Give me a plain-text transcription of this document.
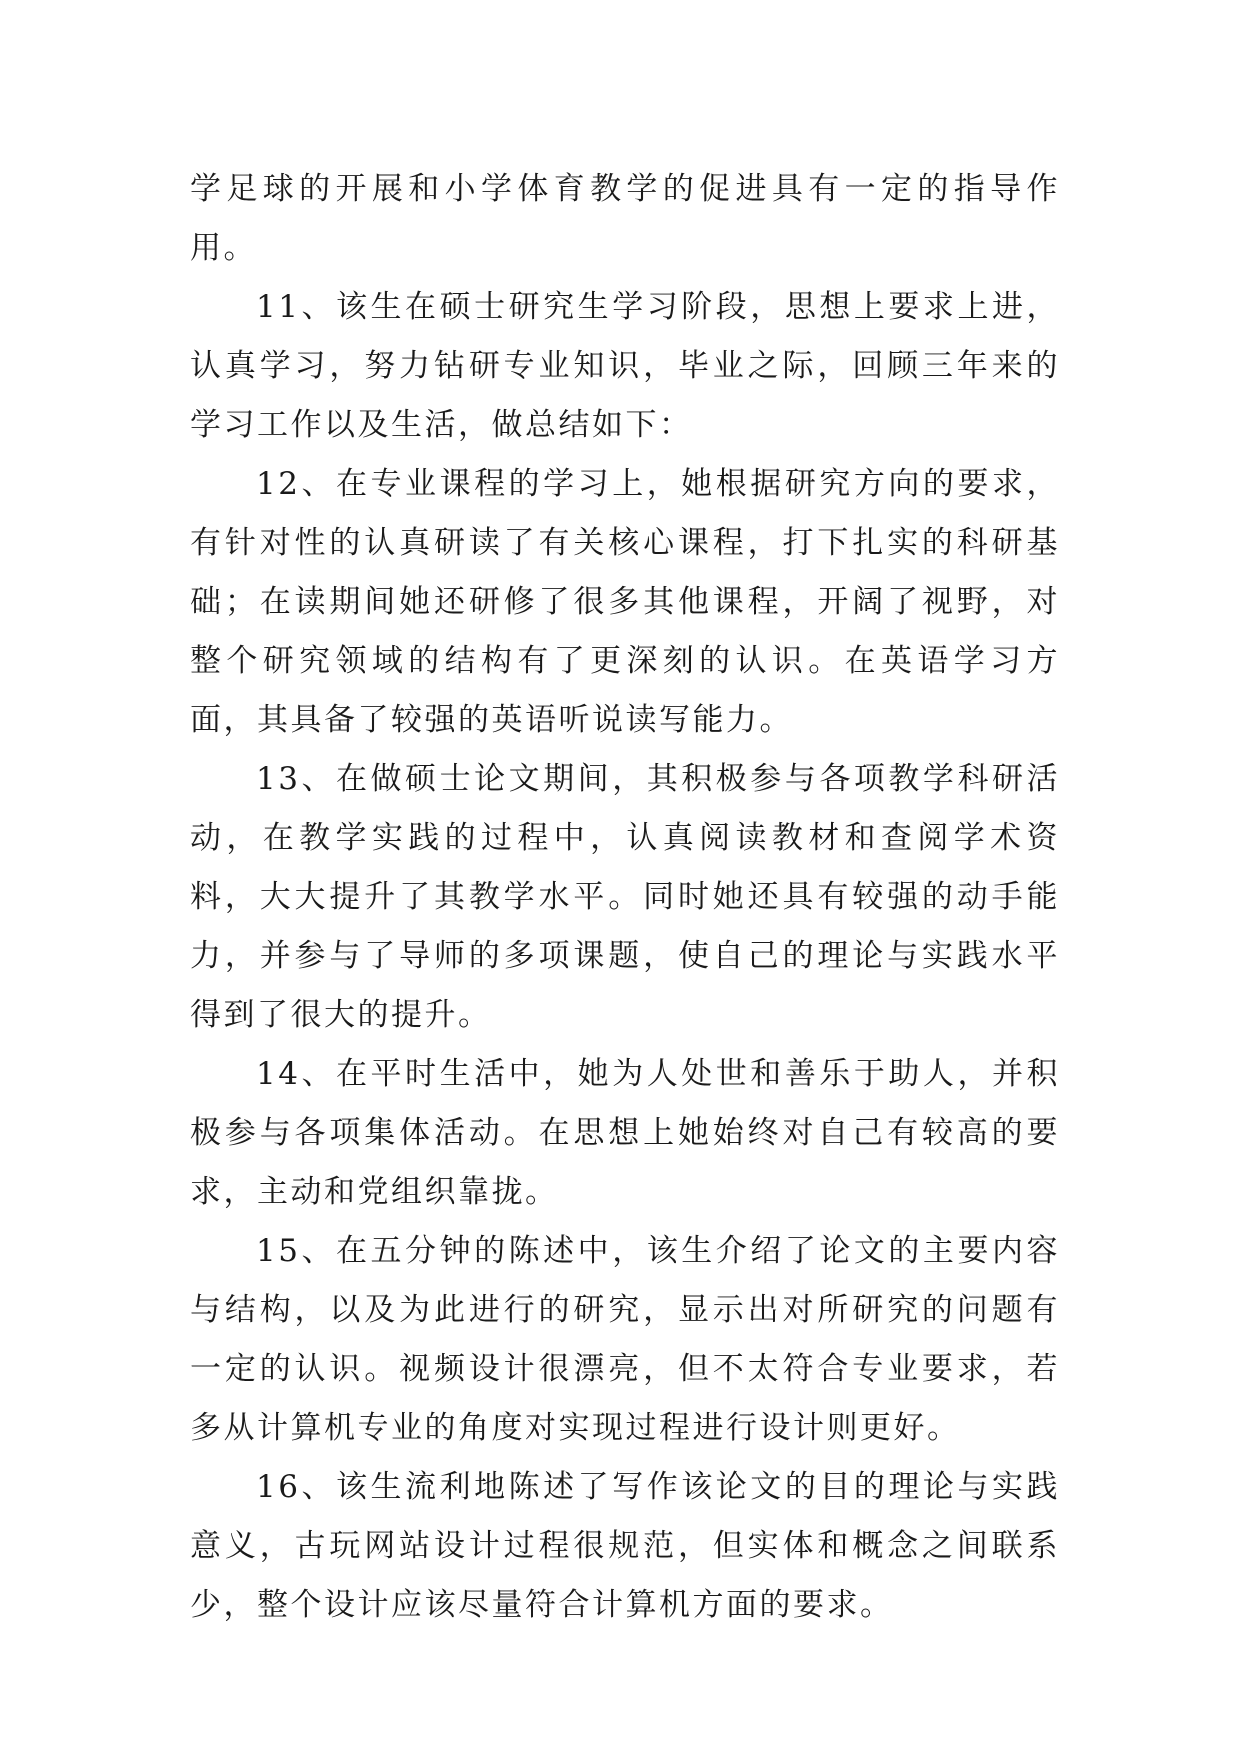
学足球的开展和小学体育教学的促进具有一定的指导作用。

11、该生在硕士研究生学习阶段，思想上要求上进，认真学习，努力钻研专业知识，毕业之际，回顾三年来的学习工作以及生活，做总结如下：

12、在专业课程的学习上，她根据研究方向的要求，有针对性的认真研读了有关核心课程，打下扎实的科研基础；在读期间她还研修了很多其他课程，开阔了视野，对整个研究领域的结构有了更深刻的认识。在英语学习方面，其具备了较强的英语听说读写能力。

13、在做硕士论文期间，其积极参与各项教学科研活动，在教学实践的过程中，认真阅读教材和查阅学术资料，大大提升了其教学水平。同时她还具有较强的动手能力，并参与了导师的多项课题，使自己的理论与实践水平得到了很大的提升。

14、在平时生活中，她为人处世和善乐于助人，并积极参与各项集体活动。在思想上她始终对自己有较高的要求，主动和党组织靠拢。

15、在五分钟的陈述中，该生介绍了论文的主要内容与结构，以及为此进行的研究，显示出对所研究的问题有一定的认识。视频设计很漂亮，但不太符合专业要求，若多从计算机专业的角度对实现过程进行设计则更好。

16、该生流利地陈述了写作该论文的目的理论与实践意义，古玩网站设计过程很规范，但实体和概念之间联系少，整个设计应该尽量符合计算机方面的要求。
